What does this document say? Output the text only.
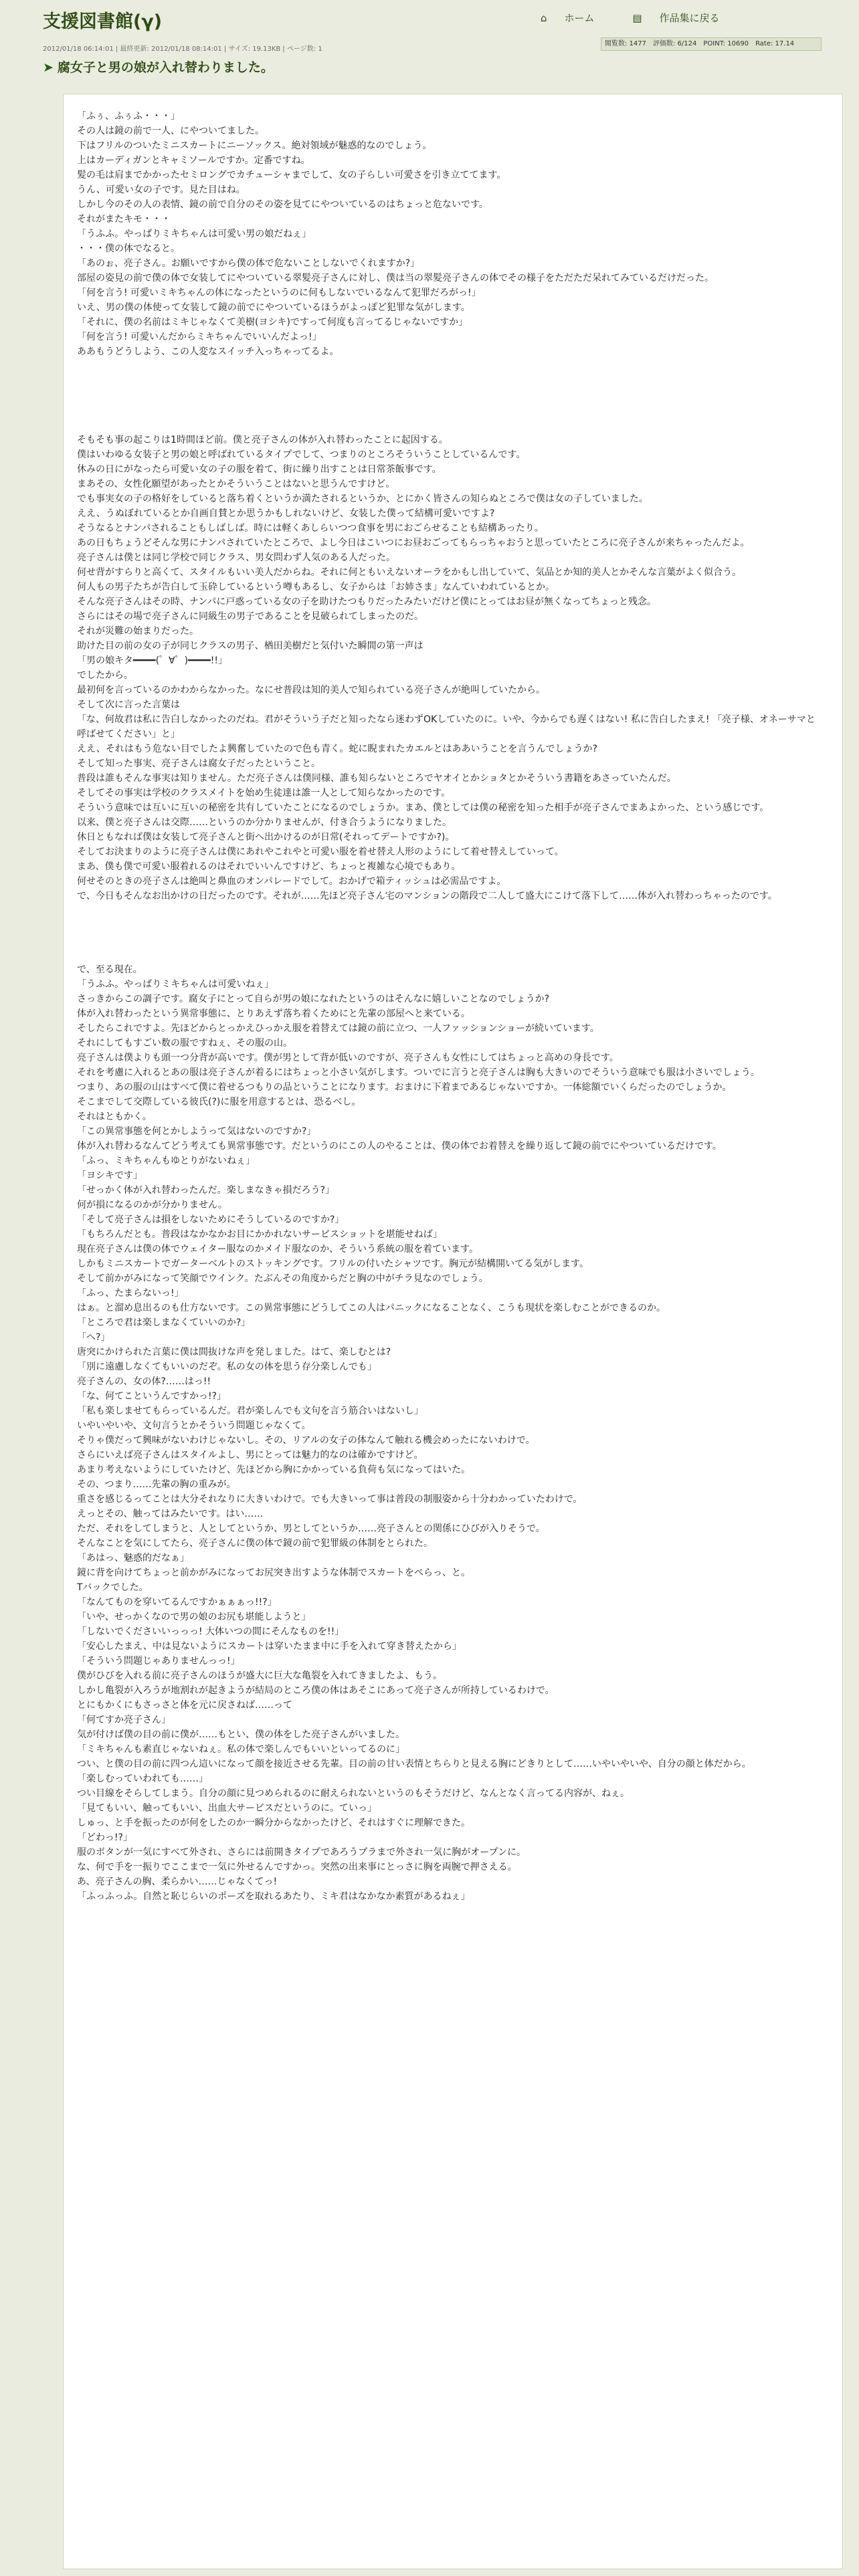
支援図書館(γ)	⌂ ホーム	▤ 作品集に戻る
閲覧数: 1477　評価数: 6/124　POINT: 10690　Rate: 17.14
2012/01/18 06:14:01 | 最終更新: 2012/01/18 08:14:01 | サイズ: 19.13KB | ページ数: 1
➤ 腐女子と男の娘が入れ替わりました。

「ふぅ、ふぅふ・・・」

その人は鏡の前で一人、にやついてました。

下はフリルのついたミニスカートにニーソックス。絶対領域が魅惑的なのでしょう。

上はカーディガンとキャミソールですか。定番ですね。

髪の毛は肩までかかったセミロングでカチューシャまでして、女の子らしい可愛さを引き立ててます。

うん、可愛い女の子です。見た目はね。

しかし今のその人の表情、鏡の前で自分のその姿を見てにやついているのはちょっと危ないです。

それがまたキモ・・・

「うふふ。やっぱりミキちゃんは可愛い男の娘だねぇ」

・・・僕の体でなると。

「あのぉ、亮子さん。お願いですから僕の体で危ないことしないでくれますか?」

部屋の姿見の前で僕の体で女装してにやついている翠髪亮子さんに対し、僕は当の翠髪亮子さんの体でその様子をただただ呆れてみているだけだった。

「何を言う! 可愛いミキちゃんの体になったというのに何もしないでいるなんて犯罪だろがっ!」

いえ、男の僕の体使って女装して鏡の前でにやついているほうがよっぽど犯罪な気がします。

「それに、僕の名前はミキじゃなくて美樹(ヨシキ)ですって何度も言ってるじゃないですか」

「何を言う! 可愛いんだからミキちゃんでいいんだよっ!」

ああもうどうしよう、この人変なスイッチ入っちゃってるよ。

そもそも事の起こりは1時間ほど前。僕と亮子さんの体が入れ替わったことに起因する。

僕はいわゆる女装子と男の娘と呼ばれているタイプでして、つまりのところそういうことしているんです。

休みの日にがなったら可愛い女の子の服を着て、街に繰り出すことは日常茶飯事です。

まあその、女性化願望があったとかそういうことはないと思うんですけど。

でも事実女の子の格好をしていると落ち着くというか満たされるというか、とにかく皆さんの知らぬところで僕は女の子していました。

ええ、うぬぼれているとか自画自賛とか思うかもしれないけど、女装した僕って結構可愛いですよ?

そうなるとナンパされることもしばしば。時には軽くあしらいつつ食事を男におごらせることも結構あったり。

あの日もちょうどそんな男にナンパされていたところで、よし今日はこいつにお昼おごってもらっちゃおうと思っていたところに亮子さんが来ちゃったんだよ。

亮子さんは僕とは同じ学校で同じクラス、男女問わず人気のある人だった。

何せ背がすらりと高くて、スタイルもいい美人だからね。それに何ともいえないオーラをかもし出していて、気品とか知的美人とかそんな言葉がよく似合う。

何人もの男子たちが告白して玉砕しているという噂もあるし、女子からは「お姉さま」なんていわれているとか。

そんな亮子さんはその時、ナンパに戸惑っている女の子を助けたつもりだったみたいだけど僕にとってはお昼が無くなってちょっと残念。

さらにはその場で亮子さんに同級生の男子であることを見破られてしまったのだ。

それが災難の始まりだった。

助けた目の前の女の子が同じクラスの男子、楢田美樹だと気付いた瞬間の第一声は

「男の娘キタ━━━━(゜∀゜)━━━━!!」

でしたから。

最初何を言っているのかわからなかった。なにせ普段は知的美人で知られている亮子さんが絶叫していたから。

そして次に言った言葉は

「な、何故君は私に告白しなかったのだね。君がそういう子だと知ったなら迷わずOKしていたのに。いや、今からでも遅くはない! 私に告白したまえ! 「亮子様、オネーサマと呼ばせてください」と」

ええ、それはもう危ない目でしたよ興奮していたので色も青く。蛇に睨まれたカエルとはああいうことを言うんでしょうか?

そして知った事実、亮子さんは腐女子だったということ。

普段は誰もそんな事実は知りません。ただ亮子さんは僕同様、誰も知らないところでヤオイとかショタとかそういう書籍をあさっていたんだ。

そしてその事実は学校のクラスメイトを始め生徒達は誰一人として知らなかったのです。

そういう意味では互いに互いの秘密を共有していたことになるのでしょうか。まあ、僕としては僕の秘密を知った相手が亮子さんでまあよかった、という感じです。

以来、僕と亮子さんは交際……というのか分かりませんが、付き合うようになりました。

休日ともなれば僕は女装して亮子さんと街へ出かけるのが日常(それってデートですか?)。

そしてお決まりのように亮子さんは僕にあれやこれやと可愛い服を着せ替え人形のようにして着せ替えしていって。

まあ、僕も僕で可愛い服着れるのはそれでいいんですけど、ちょっと複雑な心境でもあり。

何せそのときの亮子さんは絶叫と鼻血のオンパレードでして。おかげで箱ティッシュは必需品ですよ。

で、今日もそんなお出かけの日だったのです。それが……先ほど亮子さん宅のマンションの階段で二人して盛大にこけて落下して……体が入れ替わっちゃったのです。

で、至る現在。

「うふふ。やっぱりミキちゃんは可愛いねぇ」

さっきからこの調子です。腐女子にとって自らが男の娘になれたというのはそんなに嬉しいことなのでしょうか?

体が入れ替わったという異常事態に、とりあえず落ち着くためにと先輩の部屋へと来ている。

そしたらこれですよ。先ほどからとっかえひっかえ服を着替えては鏡の前に立つ、一人ファッションショーが続いています。

それにしてもすごい数の服ですねぇ、その服の山。

亮子さんは僕よりも頭一つ分背が高いです。僕が男として背が低いのですが、亮子さんも女性にしてはちょっと高めの身長です。

それを考慮に入れるとあの服は亮子さんが着るにはちょっと小さい気がします。ついでに言うと亮子さんは胸も大きいのでそういう意味でも服は小さいでしょう。

つまり、あの服の山はすべて僕に着せるつもりの品ということになります。おまけに下着まであるじゃないですか。一体総額でいくらだったのでしょうか。

そこまでして交際している彼氏(?)に服を用意するとは、恐るべし。

それはともかく。

「この異常事態を何とかしようって気はないのですか?」

体が入れ替わるなんてどう考えても異常事態です。だというのにこの人のやることは、僕の体でお着替えを繰り返して鏡の前でにやついているだけです。

「ふっ、ミキちゃんもゆとりがないねぇ」

「ヨシキです」

「せっかく体が入れ替わったんだ。楽しまなきゃ損だろう?」

何が損になるのかが分かりません。

「そして亮子さんは損をしないためにそうしているのですか?」

「もちろんだとも。普段はなかなかお目にかかれないサービスショットを堪能せねば」

現在亮子さんは僕の体でウェイター服なのかメイド服なのか、そういう系統の服を着ています。

しかもミニスカートでガーターベルトのストッキングです。フリルの付いたシャツです。胸元が結構開いてる気がします。

そして前かがみになって笑顔でウインク。たぶんその角度からだと胸の中がチラ見なのでしょう。

「ふっ、たまらないっ!」

はぁ。と溜め息出るのも仕方ないです。この異常事態にどうしてこの人はパニックになることなく、こうも現状を楽しむことができるのか。

「ところで君は楽しまなくていいのか?」

「へ?」

唐突にかけられた言葉に僕は間抜けな声を発しました。はて、楽しむとは?

「別に遠慮しなくてもいいのだぞ。私の女の体を思う存分楽しんでも」

亮子さんの、女の体?……はっ!!

「な、何てこというんですかっ!?」

「私も楽しませてもらっているんだ。君が楽しんでも文句を言う筋合いはないし」

いやいやいや、文句言うとかそういう問題じゃなくて。

そりゃ僕だって興味がないわけじゃないし。その、リアルの女子の体なんて触れる機会めったにないわけで。

さらにいえば亮子さんはスタイルよし、男にとっては魅力的なのは確かですけど。

あまり考えないようにしていたけど、先ほどから胸にかかっている負荷も気になってはいた。

その、つまり……先輩の胸の重みが。

重さを感じるってことは大分それなりに大きいわけで。でも大きいって事は普段の制服姿から十分わかっていたわけで。

えっとその、触ってはみたいです。はい……

ただ、それをしてしまうと、人としてというか、男としてというか……亮子さんとの関係にひびが入りそうで。

そんなことを気にしてたら、亮子さんに僕の体で鏡の前で犯罪級の体制をとられた。

「あはっ、魅惑的だなぁ」

鏡に背を向けてちょっと前かがみになってお尻突き出すような体制でスカートをぺらっ、と。

Tバックでした。

「なんてものを穿いてるんですかぁぁぁっ!!?」

「いや、せっかくなので男の娘のお尻も堪能しようと」

「しないでくださいいっっっ! 大体いつの間にそんなものを!!」

「安心したまえ、中は見ないようにスカートは穿いたまま中に手を入れて穿き替えたから」

「そういう問題じゃありませんっっ!」

僕がひびを入れる前に亮子さんのほうが盛大に巨大な亀裂を入れてきましたよ、もう。

しかし亀裂が入ろうが地割れが起きようが結局のところ僕の体はあそこにあって亮子さんが所持しているわけで。

とにもかくにもさっさと体を元に戻さねば……って

「何てすか亮子さん」

気が付けば僕の目の前に僕が……もとい、僕の体をした亮子さんがいました。

「ミキちゃんも素直じゃないねぇ。私の体で楽しんでもいいといってるのに」

つい、と僕の目の前に四つん這いになって顔を接近させる先輩。目の前の甘い表情とちらりと見える胸にどきりとして……いやいやいや、自分の顔と体だから。

「楽しむっていわれても……」

つい目線をそらしてしまう。自分の顔に見つめられるのに耐えられないというのもそうだけど、なんとなく言ってる内容が、ねぇ。

「見てもいい、触ってもいい、出血大サービスだというのに。ていっ」

しゅっ、と手を振ったのが何をしたのか一瞬分からなかったけど、それはすぐに理解できた。

「どわっ!?」

服のボタンが一気にすべて外され、さらには前開きタイプであろうブラまで外され一気に胸がオープンに。

な、何で手を一振りでここまで一気に外せるんですかっ。突然の出来事にとっさに胸を両腕で押さえる。

あ、亮子さんの胸、柔らかい……じゃなくてっ!

「ふっふっふ。自然と恥じらいのポーズを取れるあたり、ミキ君はなかなか素質があるねぇ」
